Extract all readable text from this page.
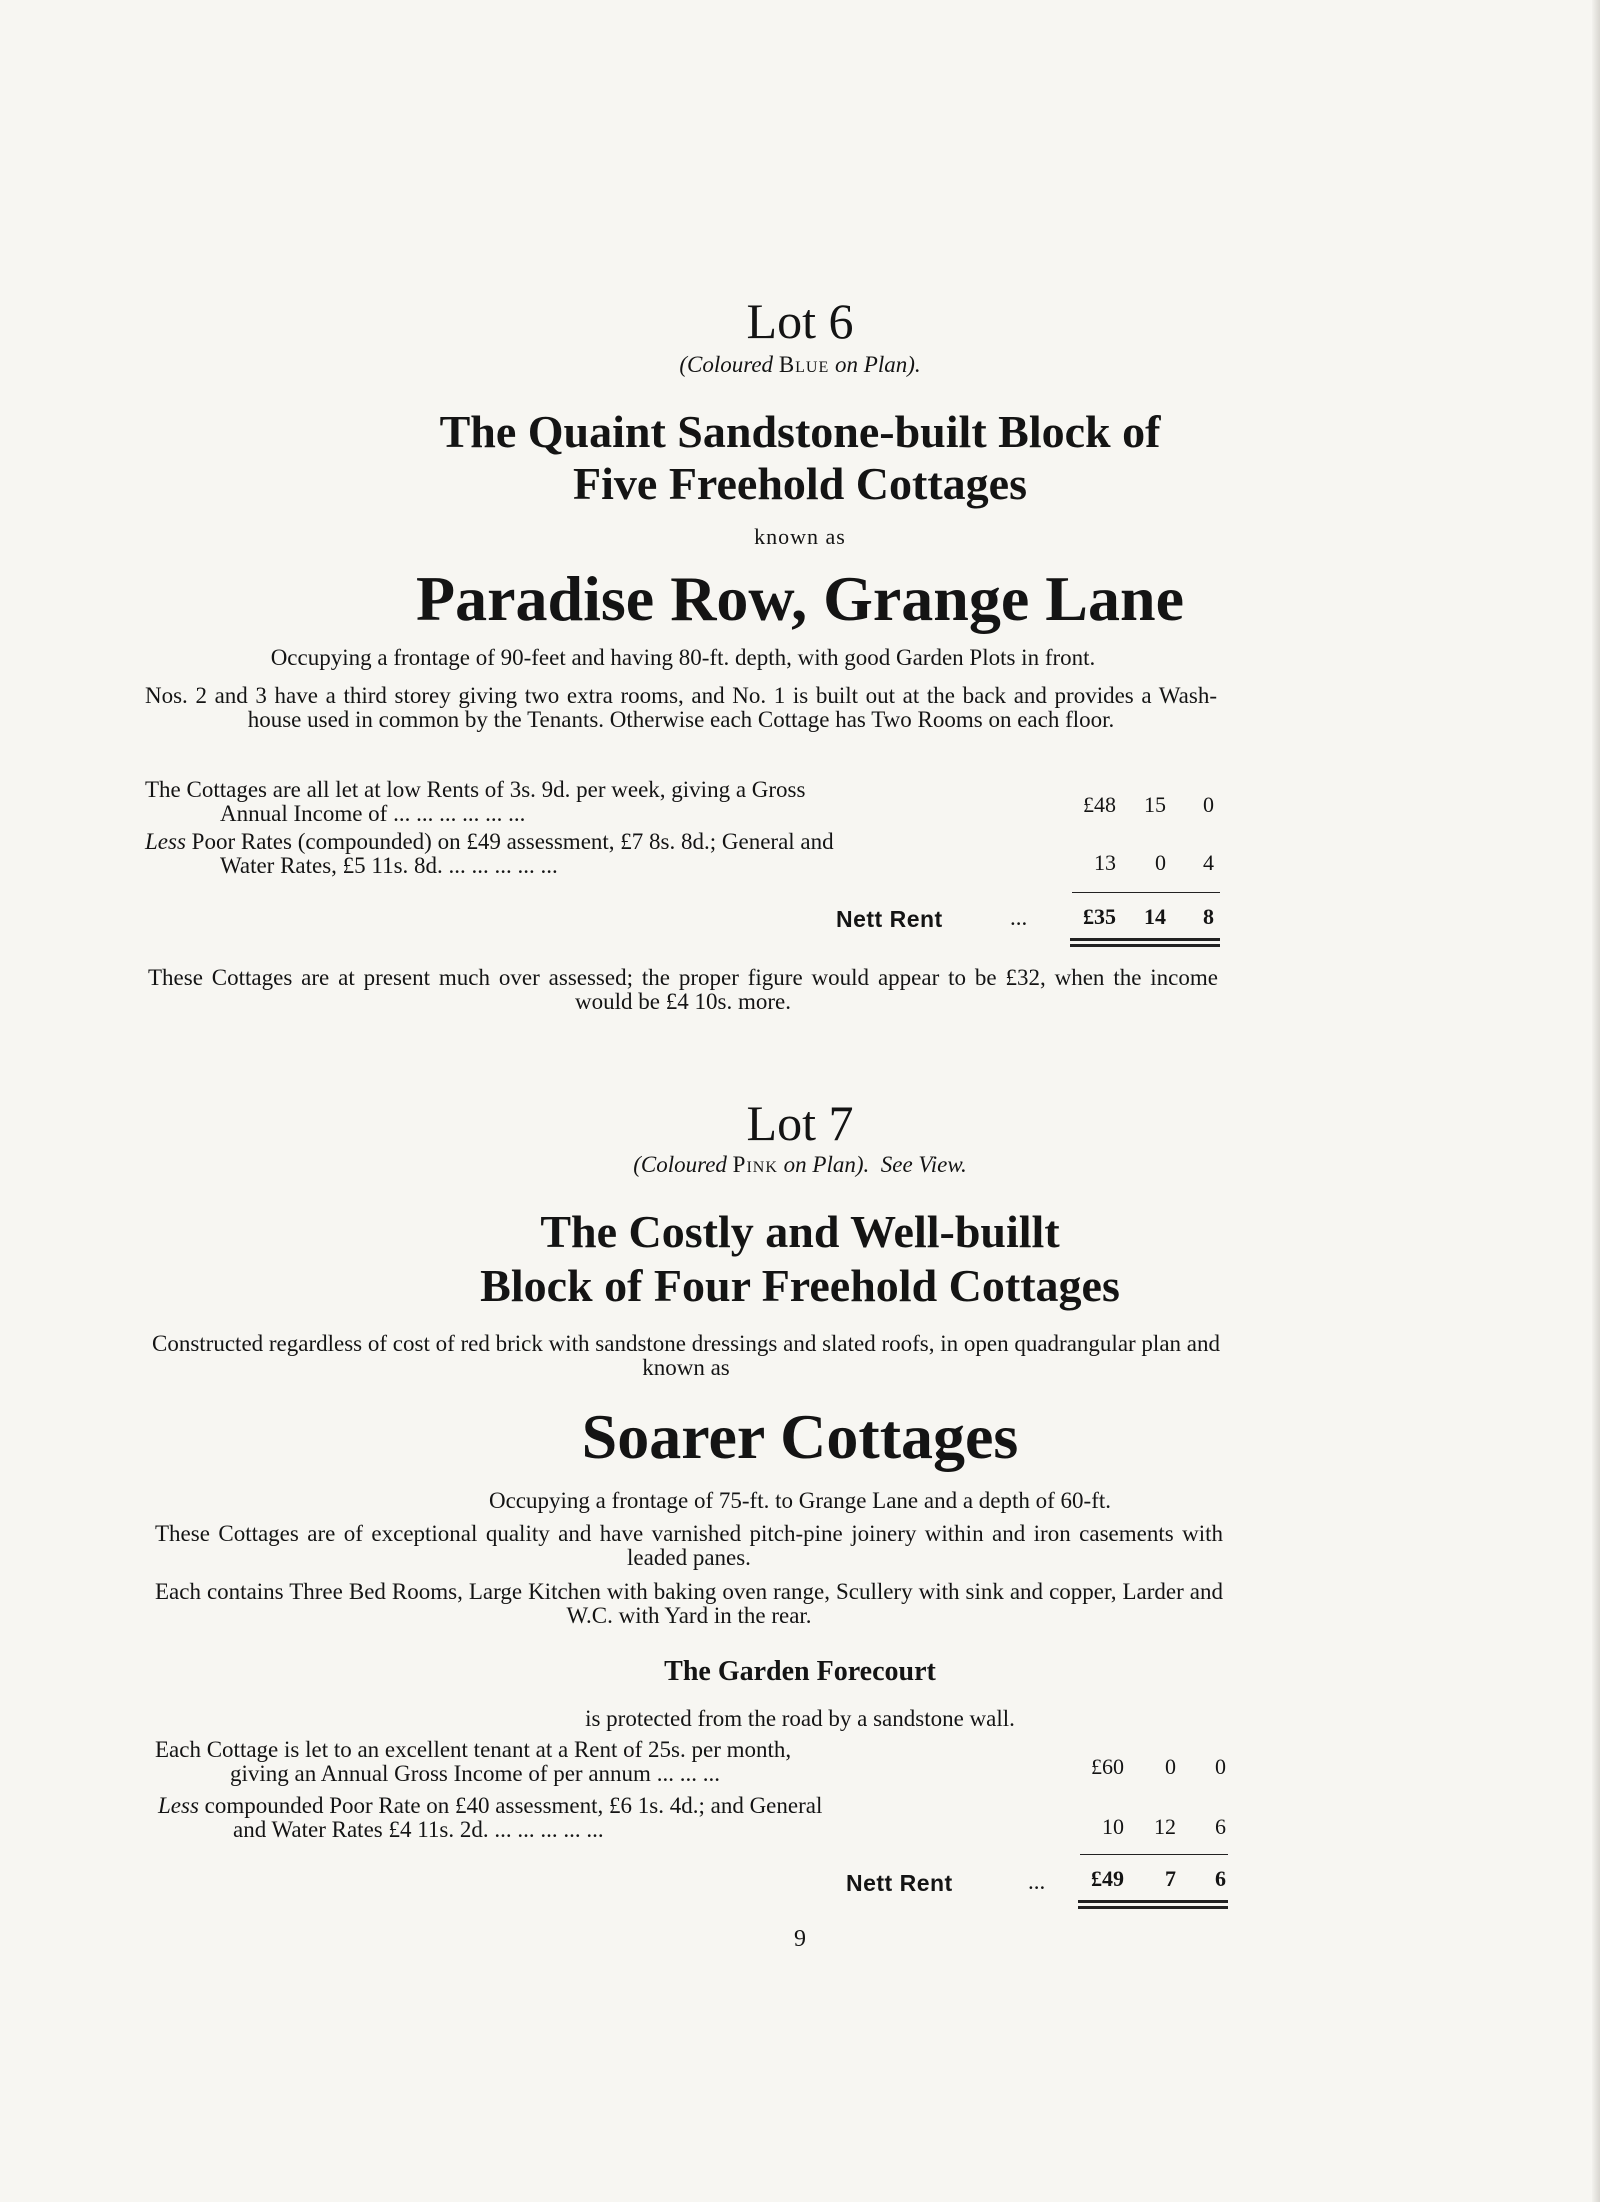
Lot 6
(Coloured Blue on Plan).
The Quaint Sandstone-built Block of
Five Freehold Cottages
known as
Paradise Row, Grange Lane
Occupying a frontage of 90-feet and having 80-ft. depth, with good Garden Plots in front.
Nos. 2 and 3 have a third storey giving two extra rooms, and No. 1 is built out at the back and provides a Wash-house used in common by the Tenants. Otherwise each Cottage has Two Rooms on each floor.
The Cottages are all let at low Rents of 3s. 9d. per week, giving a Gross
Annual Income of ... ... ... ... ... ...	£48	15	0
Less Poor Rates (compounded) on £49 assessment, £7 8s. 8d.; General and
Water Rates, £5 11s. 8d. ... ... ... ... ...	13	0	4
Nett Rent	...	£35	14	8
These Cottages are at present much over assessed; the proper figure would appear to be £32, when the income would be £4 10s. more.
Lot 7
(Coloured Pink on Plan). See View.
The Costly and Well-buillt
Block of Four Freehold Cottages
Constructed regardless of cost of red brick with sandstone dressings and slated roofs, in open quadrangular plan and known as
Soarer Cottages
Occupying a frontage of 75-ft. to Grange Lane and a depth of 60-ft.
These Cottages are of exceptional quality and have varnished pitch-pine joinery within and iron casements with leaded panes.
Each contains Three Bed Rooms, Large Kitchen with baking oven range, Scullery with sink and copper, Larder and W.C. with Yard in the rear.
The Garden Forecourt
is protected from the road by a sandstone wall.
Each Cottage is let to an excellent tenant at a Rent of 25s. per month,
giving an Annual Gross Income of per annum ... ... ...	£60	0	0
Less compounded Poor Rate on £40 assessment, £6 1s. 4d.; and General
and Water Rates £4 11s. 2d. ... ... ... ... ...	10	12	6
Nett Rent	...	£49	7	6
9
